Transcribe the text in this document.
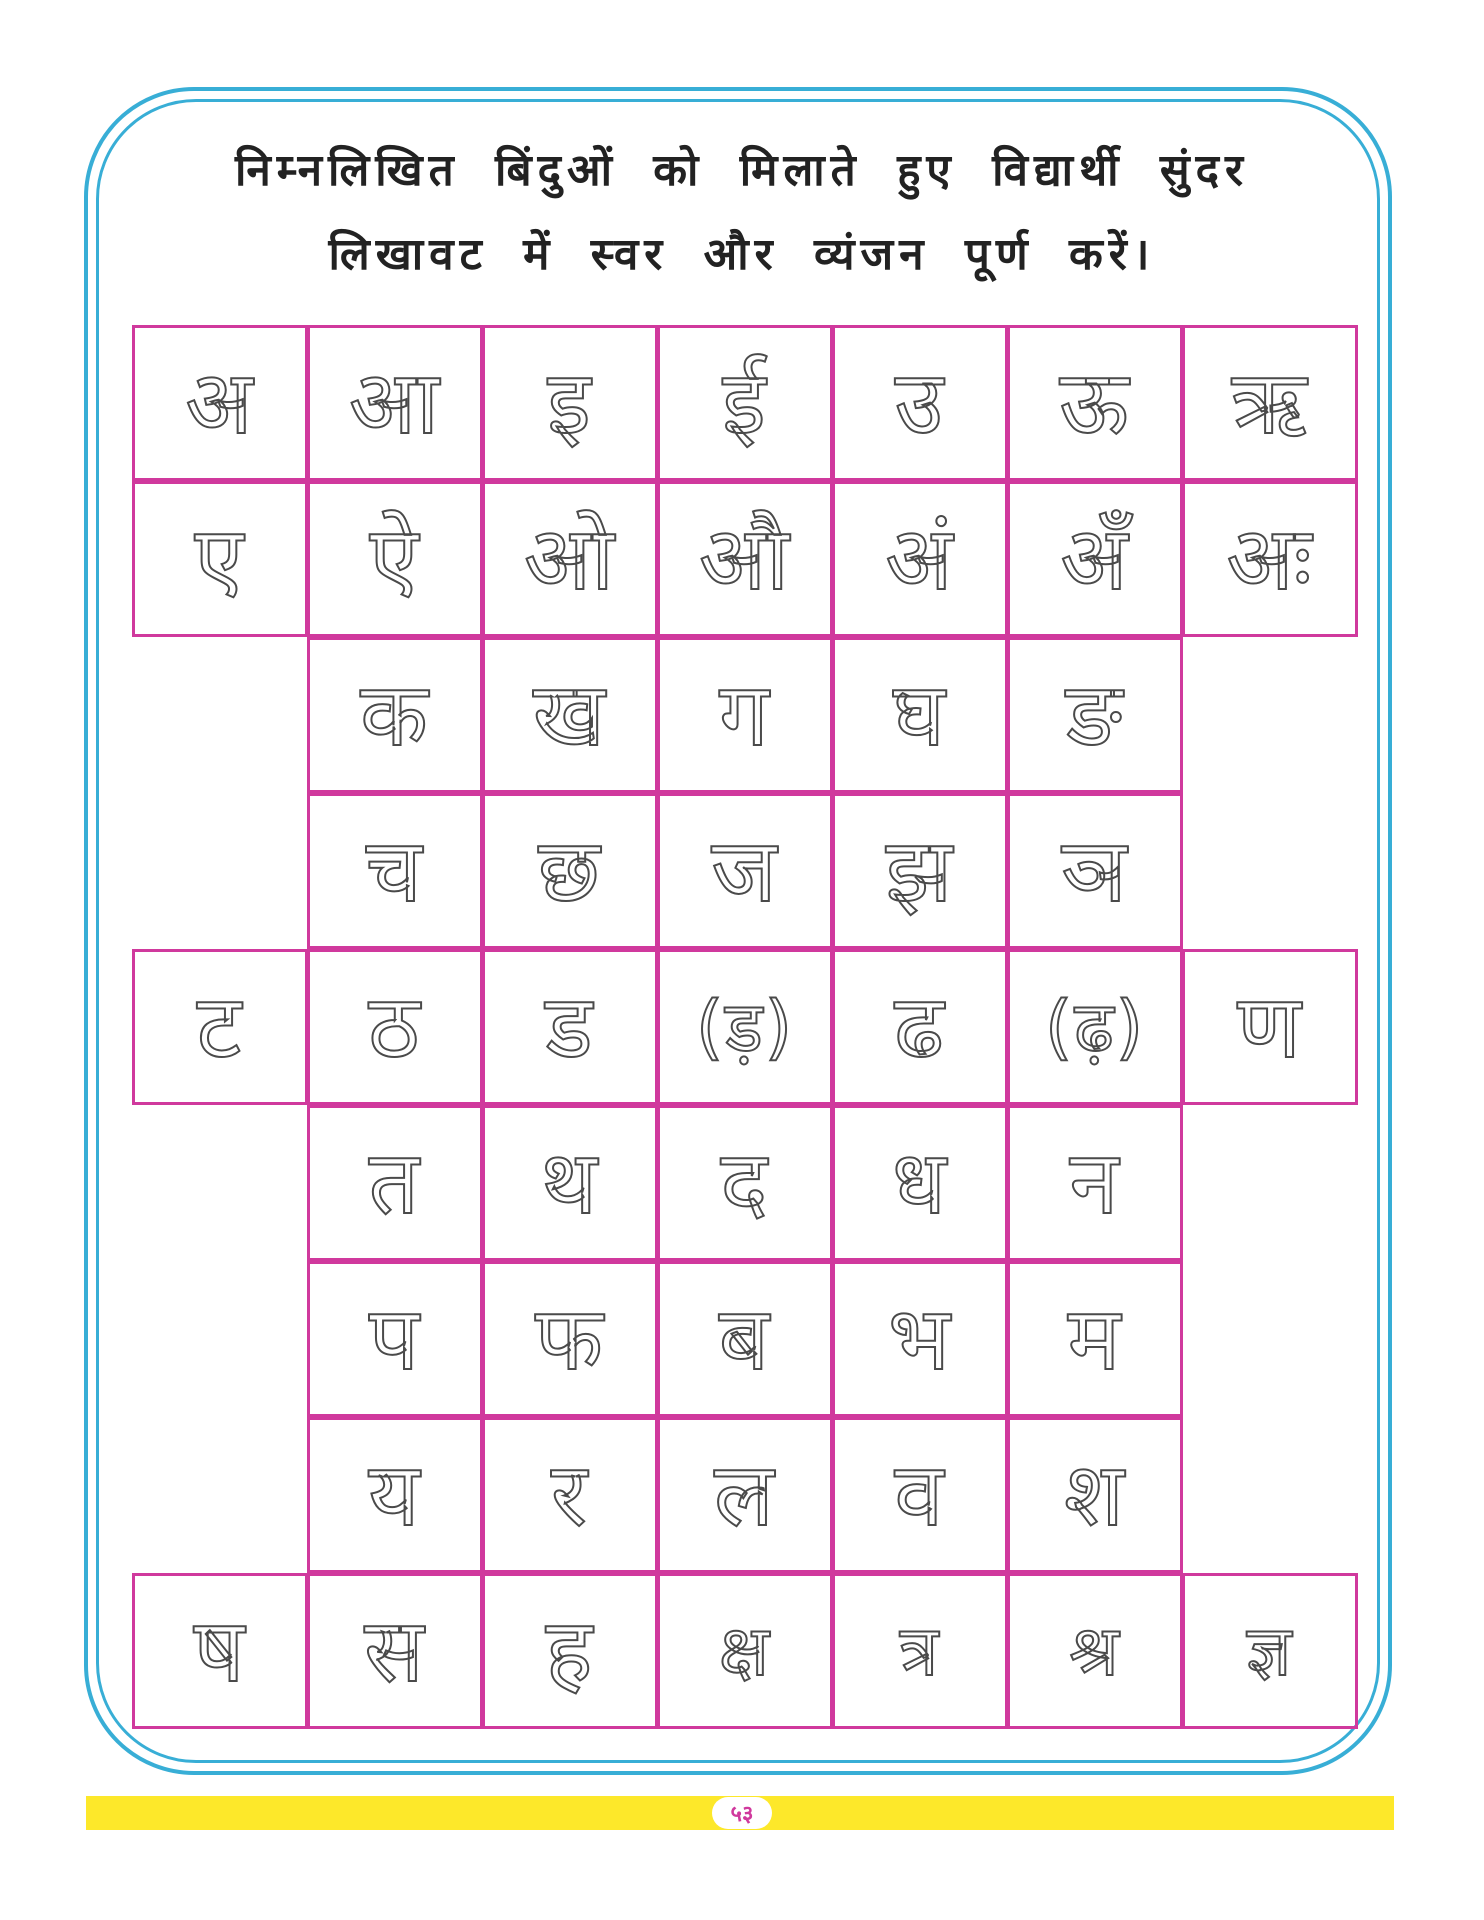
निम्नलिखित बिंदुओं को मिलाते हुए विद्यार्थी सुंदर

लिखावट में स्वर और व्यंजन पूर्ण करें।

अ आ इ ई उ ऊ ऋ
ए ऐ ओ औ अं अँ अः
क ख ग घ ङ
च छ ज झ ञ
ट ठ ड (ड़) ढ (ढ़) ण
त थ द ध न
प फ ब भ म
य र ल व श
ष स ह क्ष त्र श्र ज्ञ
५३
